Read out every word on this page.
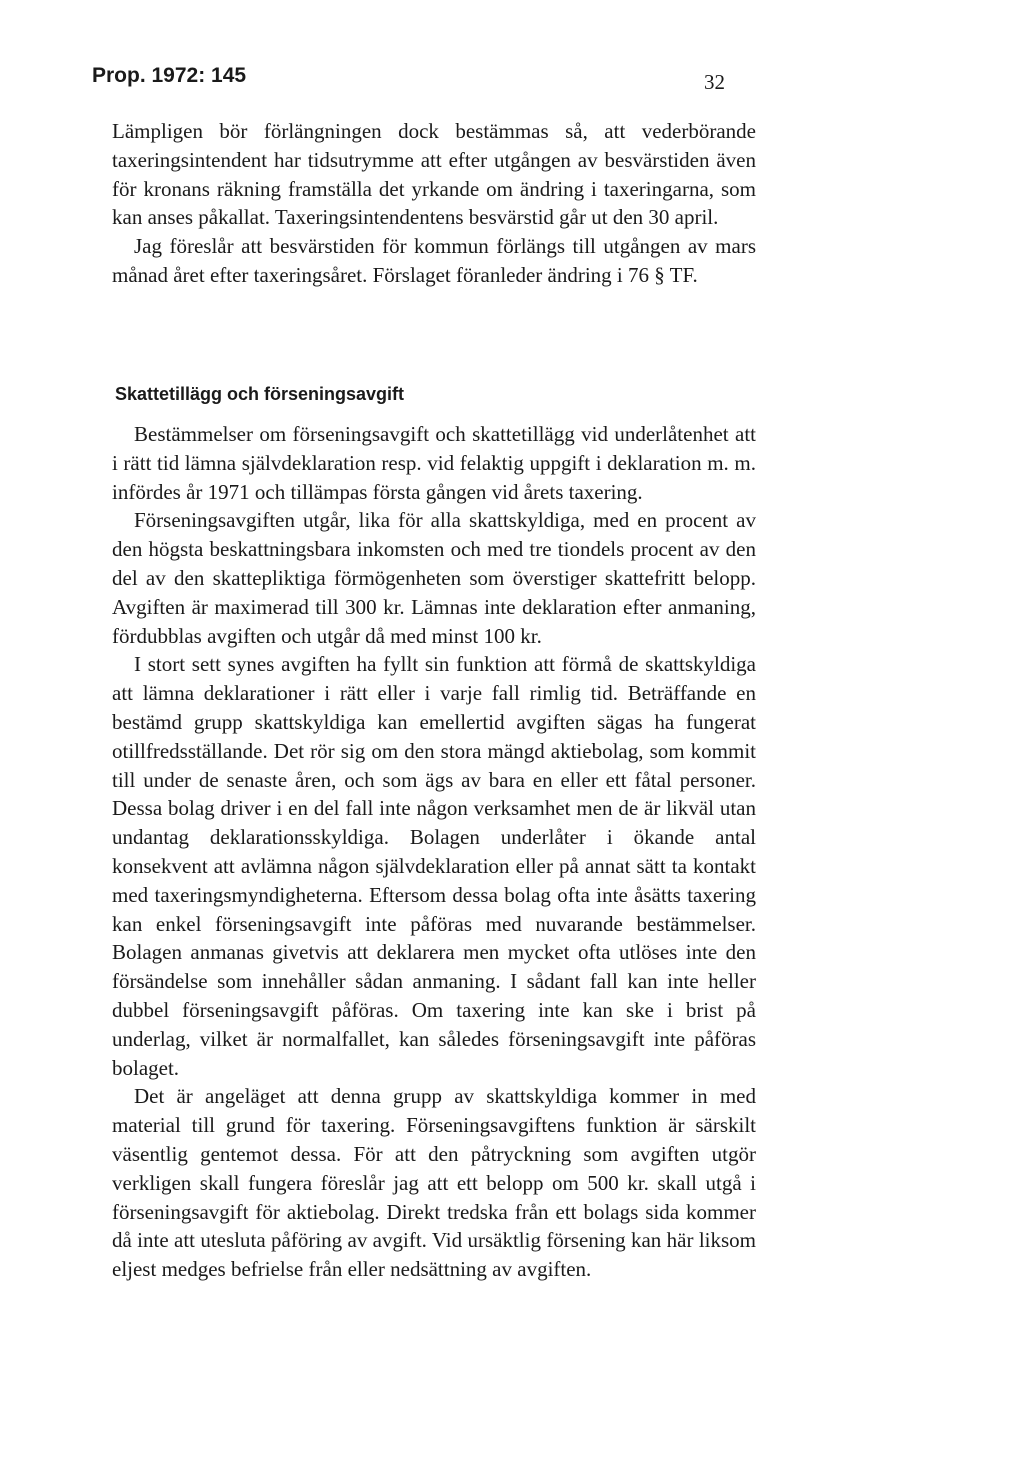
Prop. 1972: 145	32

Lämpligen bör förlängningen dock bestämmas så, att vederbörande taxeringsintendent har tidsutrymme att efter utgången av besvärstiden även för kronans räkning framställa det yrkande om ändring i taxeringarna, som kan anses påkallat. Taxeringsintendentens besvärstid går ut den 30 april.

Jag föreslår att besvärstiden för kommun förlängs till utgången av mars månad året efter taxeringsåret. Förslaget föranleder ändring i 76 § TF.

Skattetillägg och förseningsavgift

Bestämmelser om förseningsavgift och skattetillägg vid underlåtenhet att i rätt tid lämna självdeklaration resp. vid felaktig uppgift i deklaration m. m. infördes år 1971 och tillämpas första gången vid årets taxering.

Förseningsavgiften utgår, lika för alla skattskyldiga, med en procent av den högsta beskattningsbara inkomsten och med tre tiondels procent av den del av den skattepliktiga förmögenheten som överstiger skattefritt belopp. Avgiften är maximerad till 300 kr. Lämnas inte deklaration efter anmaning, fördubblas avgiften och utgår då med minst 100 kr.

I stort sett synes avgiften ha fyllt sin funktion att förmå de skattskyldiga att lämna deklarationer i rätt eller i varje fall rimlig tid. Beträffande en bestämd grupp skattskyldiga kan emellertid avgiften sägas ha fungerat otillfredsställande. Det rör sig om den stora mängd aktiebolag, som kommit till under de senaste åren, och som ägs av bara en eller ett fåtal personer. Dessa bolag driver i en del fall inte någon verksamhet men de är likväl utan undantag deklarationsskyldiga. Bolagen underlåter i ökande antal konsekvent att avlämna någon självdeklaration eller på annat sätt ta kontakt med taxeringsmyndigheterna. Eftersom dessa bolag ofta inte åsätts taxering kan enkel förseningsavgift inte påföras med nuvarande bestämmelser. Bolagen anmanas givetvis att deklarera men mycket ofta utlöses inte den försändelse som innehåller sådan anmaning. I sådant fall kan inte heller dubbel förseningsavgift påföras. Om taxering inte kan ske i brist på underlag, vilket är normalfallet, kan således förseningsavgift inte påföras bolaget.

Det är angeläget att denna grupp av skattskyldiga kommer in med material till grund för taxering. Förseningsavgiftens funktion är särskilt väsentlig gentemot dessa. För att den påtryckning som avgiften utgör verkligen skall fungera föreslår jag att ett belopp om 500 kr. skall utgå i förseningsavgift för aktiebolag. Direkt tredska från ett bolags sida kommer då inte att utesluta påföring av avgift. Vid ursäktlig försening kan här liksom eljest medges befrielse från eller nedsättning av avgiften.
